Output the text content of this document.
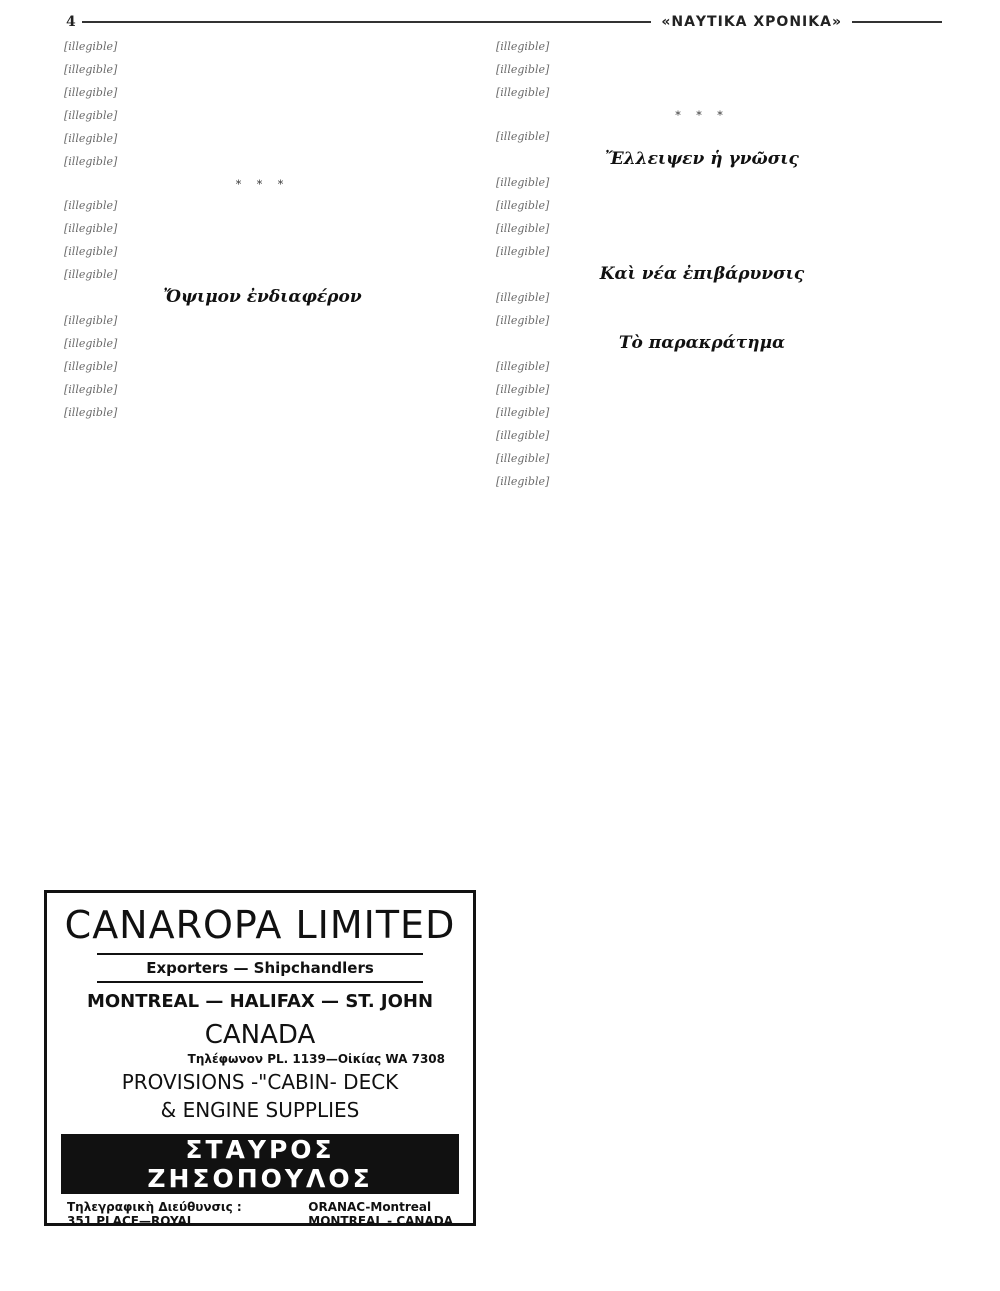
4	«ΝΑΥΤΙΚΑ ΧΡΟΝΙΚΑ»

[illegible]

[illegible]

[illegible]

[illegible]

[illegible]

[illegible]

* * *

[illegible]

[illegible]

[illegible]

[illegible]

Ὄψιμον ἐνδιαφέρον

[illegible]

[illegible]

[illegible]

[illegible]

[illegible]

[illegible]

[illegible]

[illegible]

* * *

[illegible]

Ἔλλειψεν ἡ γνῶσις

[illegible]

[illegible]

[illegible]

[illegible]

Καὶ νέα ἐπιβάρυνσις

[illegible]

[illegible]

Τὸ παρακράτημα

[illegible]

[illegible]

[illegible]

[illegible]

[illegible]

[illegible]

CANAROPA LIMITED
Exporters — Shipchandlers
MONTREAL — HALIFAX — ST. JOHN
CANADA
Τηλέφωνον PL. 1139—Οἰκίας WA 7308
PROVISIONS -"CABIN- DECK
& ENGINE SUPPLIES
ΣΤΑΥΡΟΣ ΖΗΣΟΠΟΥΛΟΣ
Τηλεγραφικὴ Διεύθυνσις :
351 PLACE—ROYAL
ORANAC-Montreal
MONTREAL - CANADA
